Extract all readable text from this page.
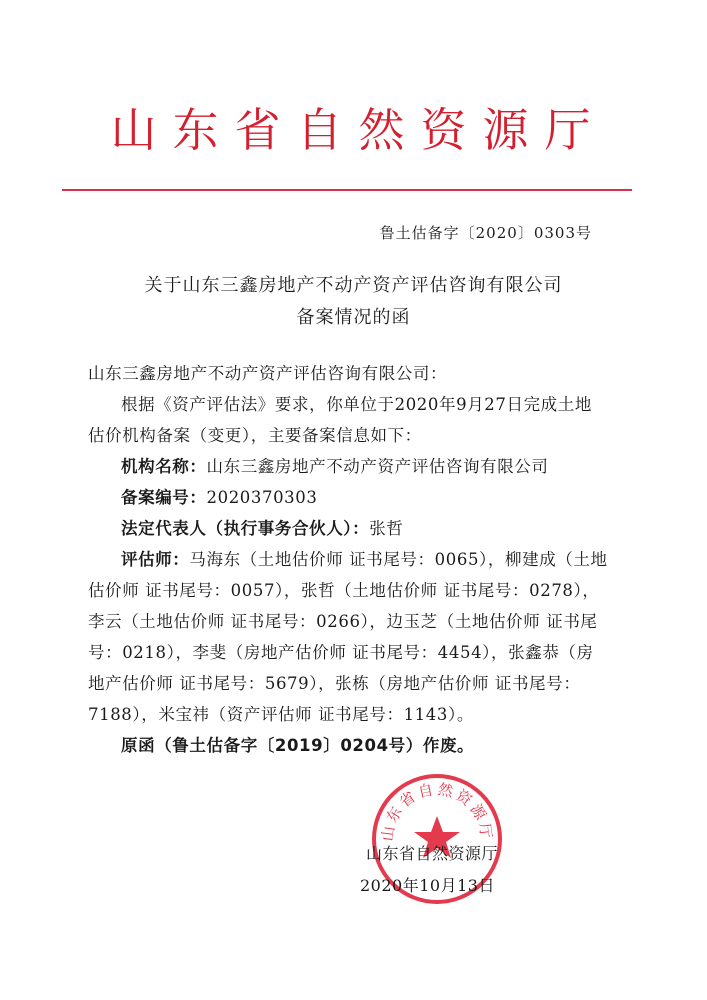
山东省自然资源厅
鲁土估备字〔2020〕0303号
关于山东三鑫房地产不动产资产评估咨询有限公司
备案情况的函

山东三鑫房地产不动产资产评估咨询有限公司：

根据《资产评估法》要求，你单位于2020年9月27日完成土地估价机构备案（变更），主要备案信息如下：

机构名称：山东三鑫房地产不动产资产评估咨询有限公司

备案编号：2020370303

法定代表人（执行事务合伙人）：张哲

评估师：马海东（土地估价师 证书尾号：0065），柳建成（土地估价师 证书尾号：0057），张哲（土地估价师 证书尾号：0278），李云（土地估价师 证书尾号：0266），边玉芝（土地估价师 证书尾号：0218），李斐（房地产估价师 证书尾号：4454），张鑫恭（房地产估价师 证书尾号：5679），张栋（房地产估价师 证书尾号：7188），米宝祎（资产评估师 证书尾号：1143）。

原函（鲁土估备字〔2019〕0204号）作废。

山东省自然资源厅
山东省自然资源厅
2020年10月13日
